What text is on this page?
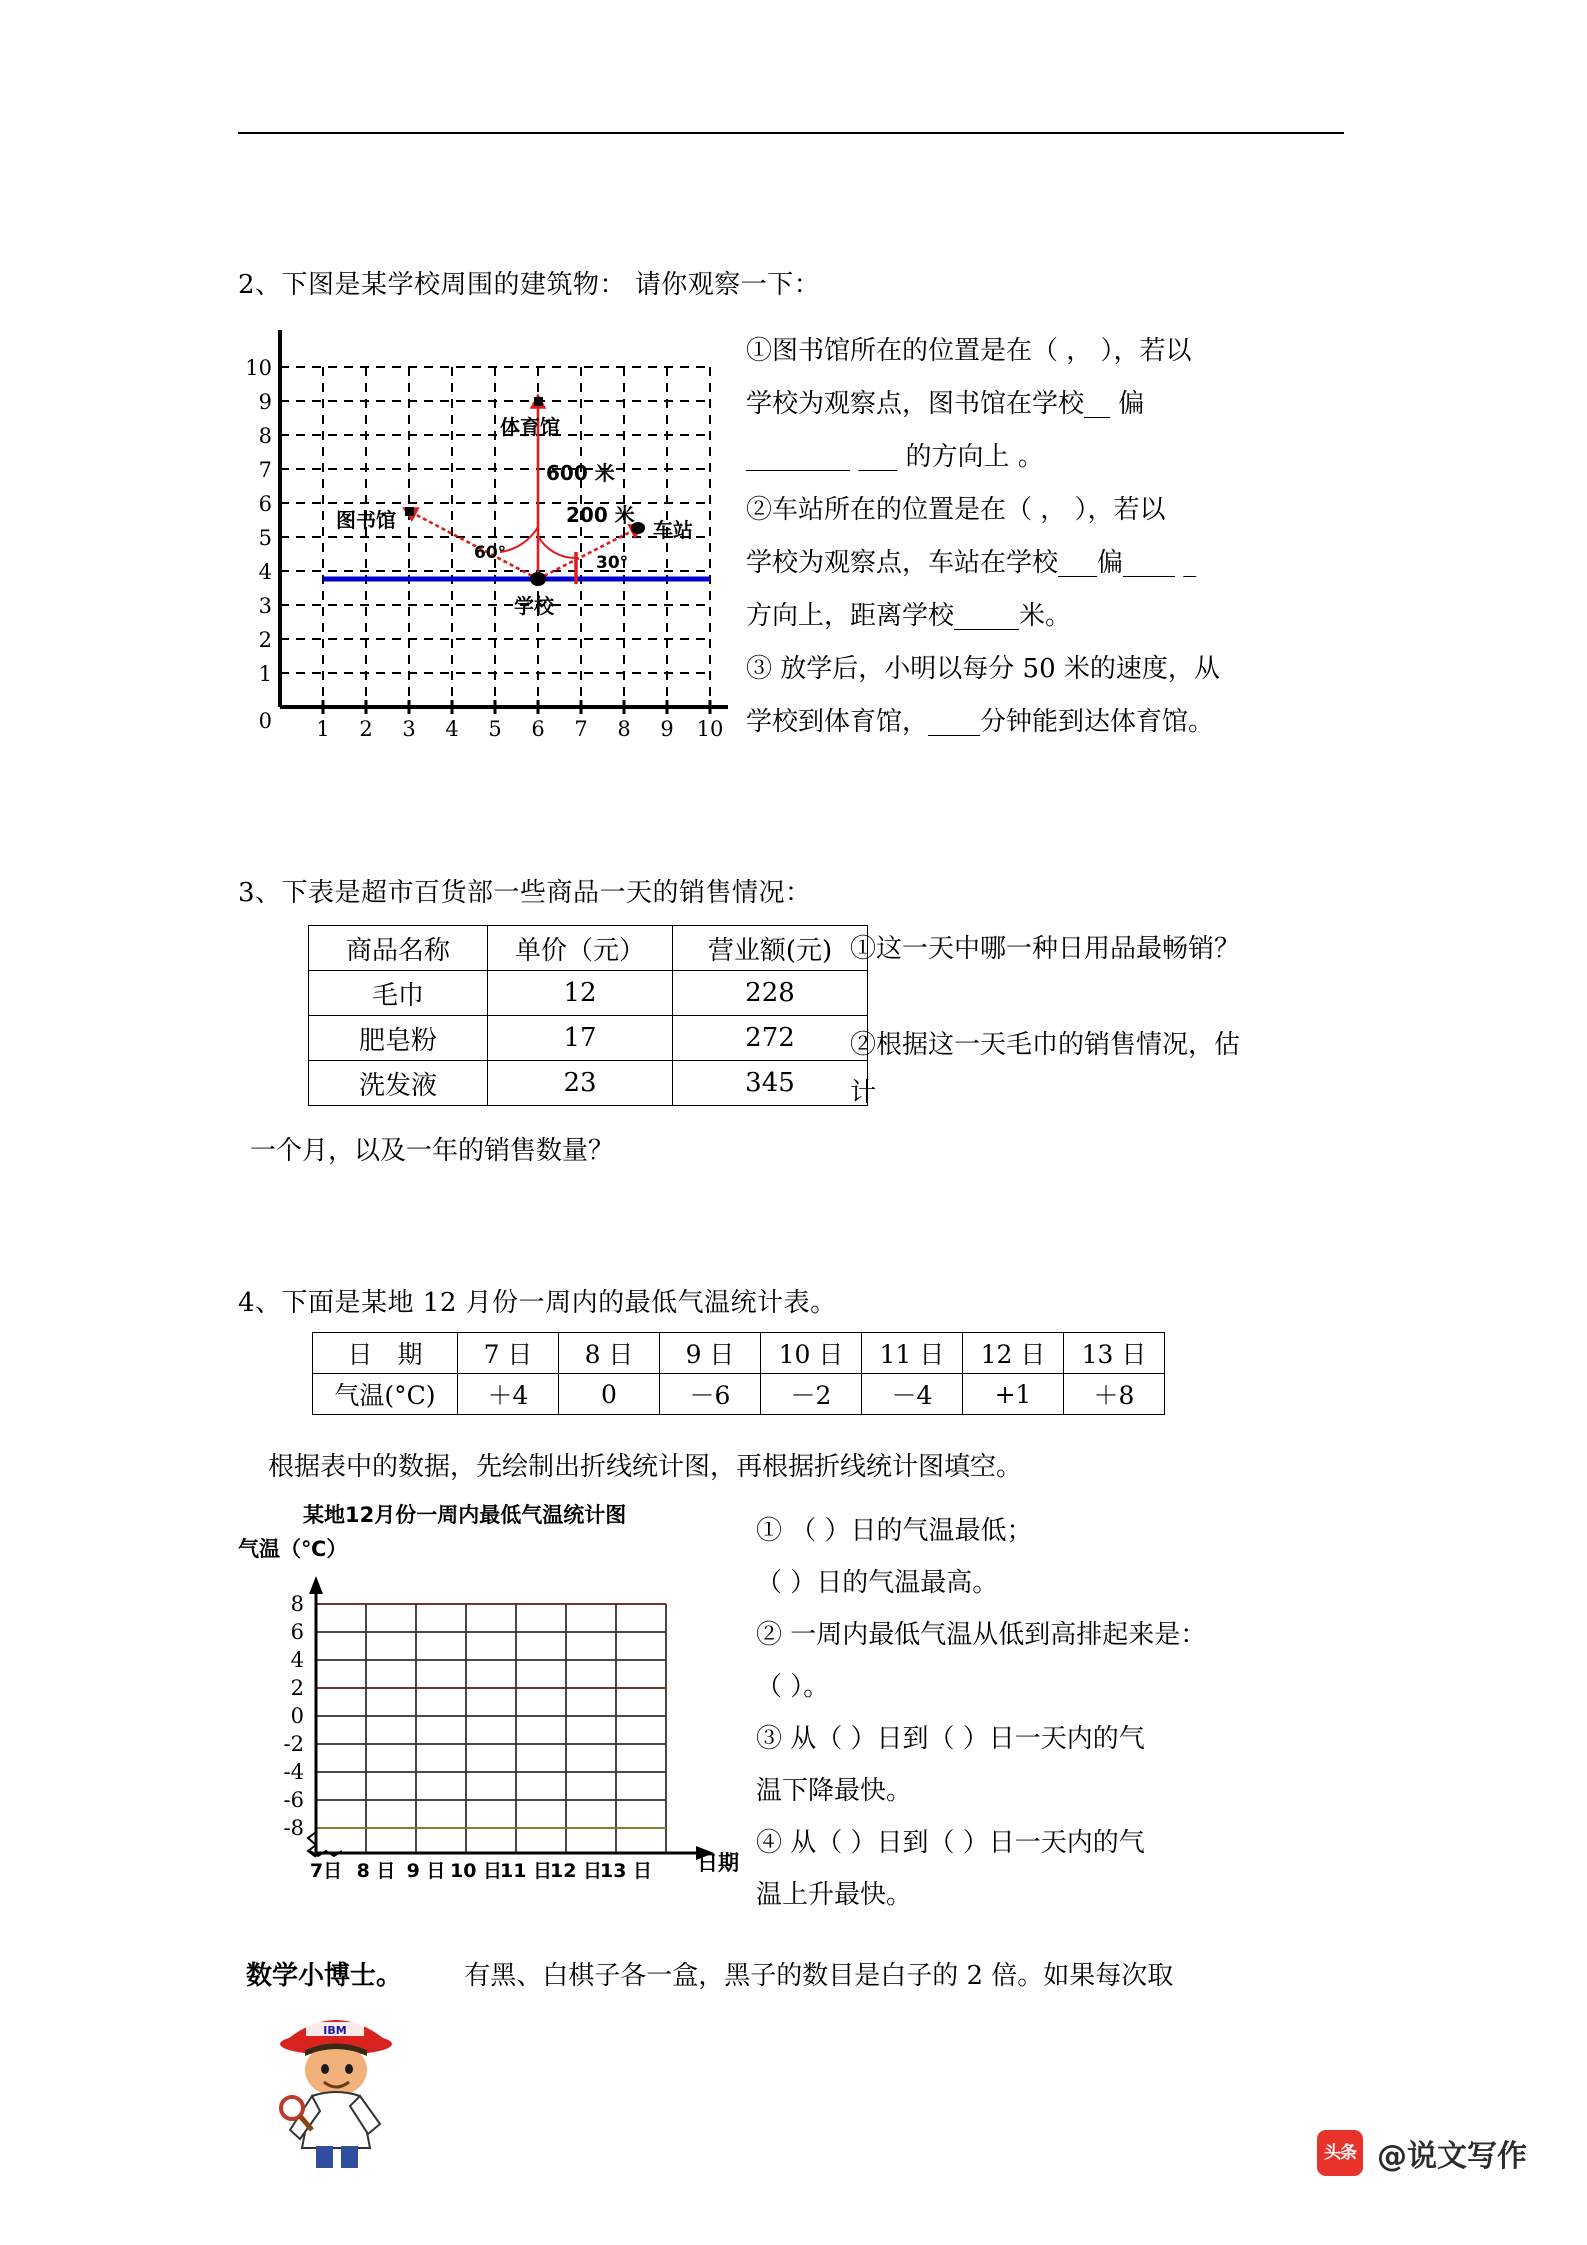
2、下图是某学校周围的建筑物： 请你观察一下：
10
9
8
7
6
5
4
3
2
1
0 1 2 3 4 5 6 7 8 9 10
体育馆
图书馆	车站
学校
600 米
200 米
60°	30°
①图书馆所在的位置是在（ ， ），若以
学校为观察点，图书馆在学校__ 偏
________ ___ 的方向上 。
②车站所在的位置是在（ ， ），若以
学校为观察点，车站在学校___偏____ _
方向上，距离学校_____米。
③ 放学后，小明以每分 50 米的速度，从
学校到体育馆，____分钟能到达体育馆。
3、下表是超市百货部一些商品一天的销售情况：
商品名称	单价（元）	营业额(元)
毛巾	12	228
肥皂粉	17	272
洗发液	23	345
①这一天中哪一种日用品最畅销？
②根据这一天毛巾的销售情况，估
计
一个月，以及一年的销售数量？
4、下面是某地 12 月份一周内的最低气温统计表。
日　期	7 日	8 日	9 日	10 日	11 日	12 日	13 日
气温(°C)	＋4	0	－6	－2	－4	+1	＋8
根据表中的数据，先绘制出折线统计图，再根据折线统计图填空。
某地12月份一周内最低气温统计图
气温（℃）
8
6
4
2
0
-2
-4
-6
-8
7日 8 日 9 日 10 日
11 日
12 日
13 日 日期
① （ ）日的气温最低；
（ ）日的气温最高。
② 一周内最低气温从低到高排起来是：
（ ）。
③ 从（ ）日到（ ）日一天内的气
温下降最快。
④ 从（ ）日到（ ）日一天内的气
温上升最快。
数学小博士。 有黑、白棋子各一盒，黑子的数目是白子的 2 倍。如果每次取
IBM
头条 @说文写作
